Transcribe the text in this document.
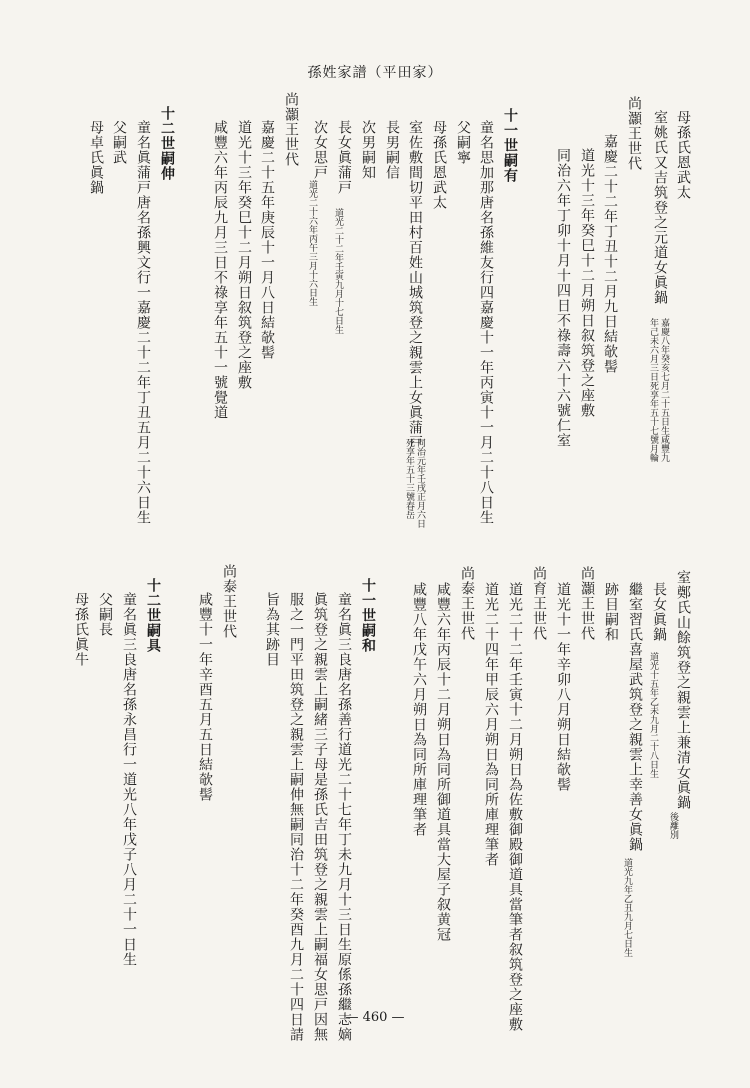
孫姓家譜（平田家）
母孫氏恩武太
室姚氏又吉筑登之元道女眞鍋
嘉慶八年癸亥七月二十五日生咸豐九
年己未六月三日死享年五十七號月輪
尚灝王世代
嘉慶二十二年丁丑十二月九日結欹髻
道光十三年癸巳十二月朔日叙筑登之座敷
同治六年丁卯十月十四日不祿壽六十六號仁室
十一世嗣有
童名思加那唐名孫維友行四嘉慶十一年丙寅十一月二十八日生
父嗣寧
母孫氏恩武太
室佐敷間切平田村百姓山城筑登之親雲上女眞蒲戸
同治元年壬戌正月六日
死享年五十三號春岳
長男嗣信
次男嗣知
長女眞蒲戸
道光二十二年壬寅九月十七日生
次女思戸
道光二十六年丙午三月十六日生
尚灝王世代
嘉慶二十五年庚辰十一月八日結欹髻
道光十三年癸巳十二月朔日叙筑登之座敷
咸豐六年丙辰九月三日不祿享年五十一號覺道
十二世嗣伸
童名眞蒲戸唐名孫興文行一嘉慶二十二年丁丑五月二十六日生
父嗣武
母卓氏眞鍋
室鄭氏山餘筑登之親雲上兼清女眞鍋
後離別
長女眞鍋
道光十五年乙未九月二十八日生
繼室習氏喜屋武筑登之親雲上幸善女眞鍋
道光九年乙丑九月七日生
跡目嗣和
尚灝王世代
道光十一年辛卯八月朔日結欹髻
尚育王世代
道光二十二年壬寅十二月朔日為佐敷御殿御道具當筆者叙筑登之座敷
道光二十四年甲辰六月朔日為同所庫理筆者
尚泰王世代
咸豐六年丙辰十二月朔日為同所御道具當大屋子叙黄冠
咸豐八年戊午六月朔日為同所庫理筆者
十一世嗣和
童名眞三良唐名孫善行道光二十七年丁未九月十三日生原係孫繼志嫡
眞筑登之親雲上嗣緒三子母是孫氏吉田筑登之親雲上嗣福女思戸因無
服之一門平田筑登之親雲上嗣伸無嗣同治十二年癸酉九月二十四日請
旨為其跡目
尚泰王世代
咸豐十一年辛酉五月五日結欹髻
十二世嗣具
童名眞三良唐名孫永昌行一道光八年戊子八月二十一日生
父嗣長
母孫氏眞牛
— 460 —
